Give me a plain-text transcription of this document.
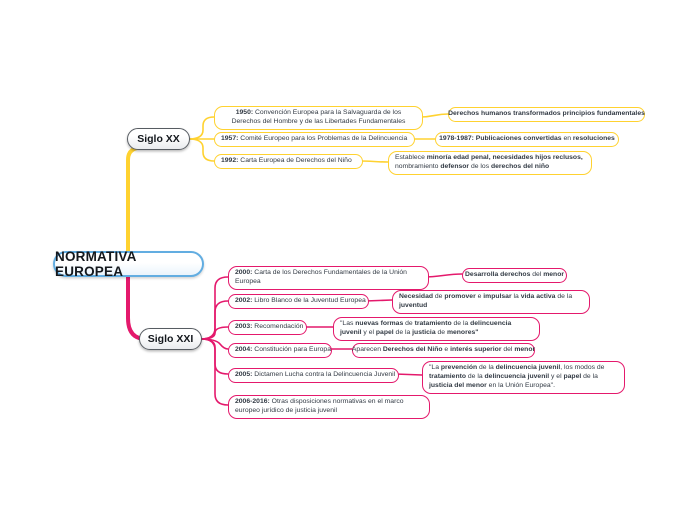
1950: Convención Europea para la Salvaguarda de los Derechos del Hombre y de las Libertades Fundamentales
1957: Comité Europeo para los Problemas de la Delincuencia
1992: Carta Europea de Derechos del Niño
Derechos humanos transformados principios fundamentales
1978-1987: Publicaciones convertidas en resoluciones
Establece minoría edad penal, necesidades hijos reclusos, nombramiento defensor de los derechos del niño
2000: Carta de los Derechos Fundamentales de la Unión Europea
2002: Libro Blanco de la Juventud Europea
2003: Recomendación
2004: Constitución para Europa
2005: Dictamen Lucha contra la Delincuencia Juvenil
2006-2016: Otras disposiciones normativas en el marco europeo jurídico de justicia juvenil
Desarrolla derechos del menor
Necesidad de promover e impulsar la vida activa de la juventud
"Las nuevas formas de tratamiento de la delincuencia juvenil y el papel de la justicia de menores"
Aparecen Derechos del Niño e interés superior del menor
"La prevención de la delincuencia juvenil, los modos de tratamiento de la delincuencia juvenil y el papel de la justicia del menor en la Unión Europea".
Siglo XX
NORMATIVA EUROPEA
Siglo XXI
